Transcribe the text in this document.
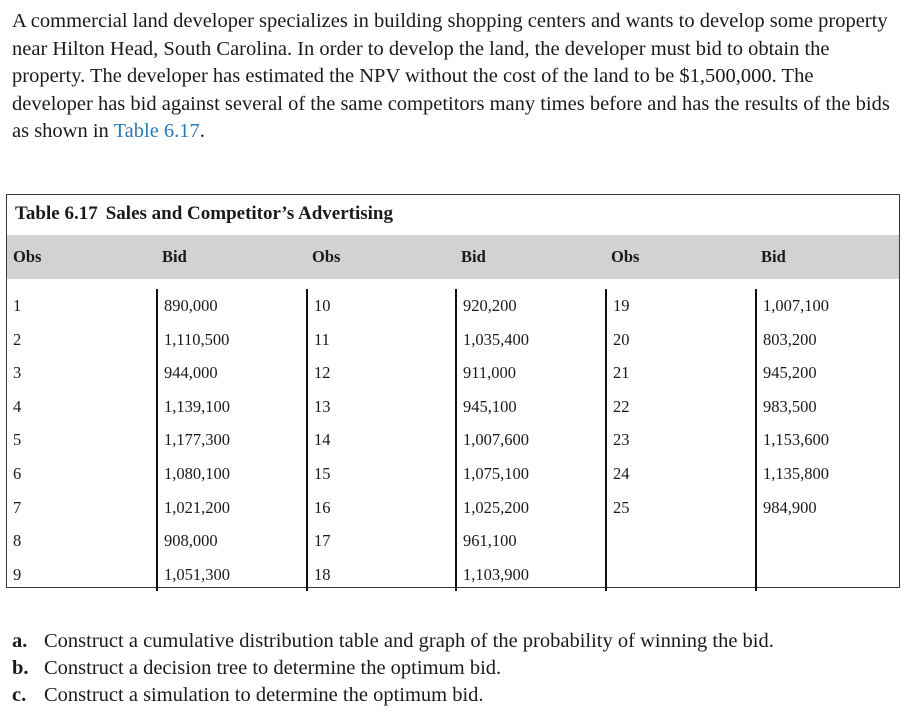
A commercial land developer specializes in building shopping centers and wants to develop some property near Hilton Head, South Carolina. In order to develop the land, the developer must bid to obtain the property. The developer has estimated the NPV without the cost of the land to be $1,500,000. The developer has bid against several of the same competitors many times before and has the results of the bids as shown in Table 6.17.
Table 6.17 Sales and Competitor’s Advertising
Obs	Bid	Obs	Bid	Obs	Bid
1	890,000	10	920,200	19	1,007,100
2	1,110,500	11	1,035,400	20	803,200
3	944,000	12	911,000	21	945,200
4	1,139,100	13	945,100	22	983,500
5	1,177,300	14	1,007,600	23	1,153,600
6	1,080,100	15	1,075,100	24	1,135,800
7	1,021,200	16	1,025,200	25	984,900
8	908,000	17	961,100
9	1,051,300	18	1,103,900
a. Construct a cumulative distribution table and graph of the probability of winning the bid.
b. Construct a decision tree to determine the optimum bid.
c. Construct a simulation to determine the optimum bid.
